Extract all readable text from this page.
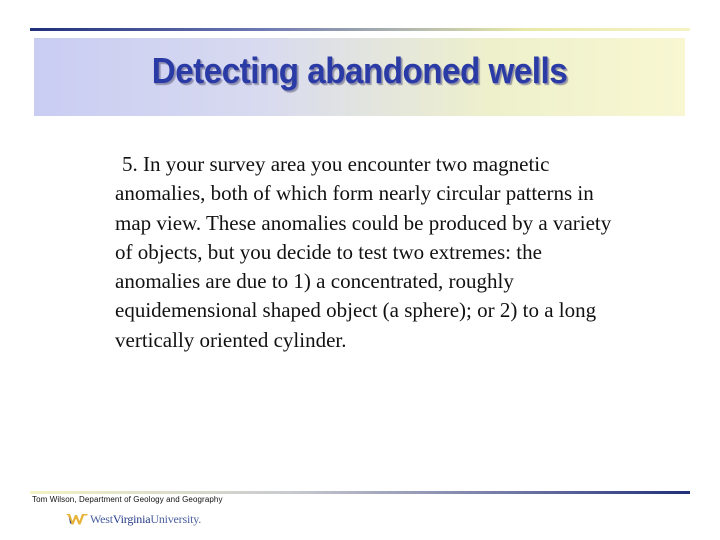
Detecting abandoned wells
5. In your survey area you encounter two magnetic anomalies, both of which form nearly circular patterns in map view. These anomalies could be produced by a variety of objects, but you decide to test two extremes: the anomalies are due to 1) a concentrated, roughly equidemensional shaped object (a sphere); or 2) to a long vertically oriented cylinder.
Tom Wilson, Department of Geology and Geography
WestVirginiaUniversity.
